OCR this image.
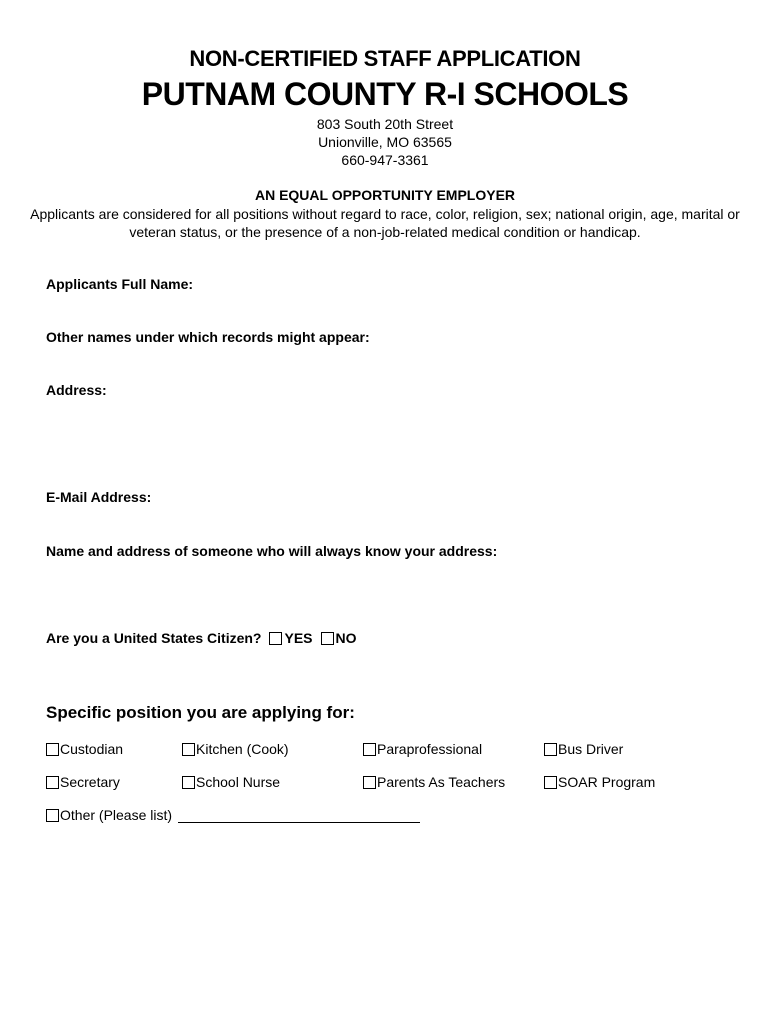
NON-CERTIFIED STAFF APPLICATION
PUTNAM COUNTY R-I SCHOOLS
803 South 20th Street
Unionville, MO 63565
660-947-3361
AN EQUAL OPPORTUNITY EMPLOYER
Applicants are considered for all positions without regard to race, color, religion, sex; national origin, age, marital or veteran status, or the presence of a non-job-related medical condition or handicap.
Applicants Full Name:
Other names under which records might appear:
Address:
E-Mail Address:
Name and address of someone who will always know your address:
Are you a United States Citizen? YES NO
Specific position you are applying for:
Custodian	Kitchen (Cook)	Paraprofessional	Bus Driver
Secretary	School Nurse	Parents As Teachers	SOAR Program
Other (Please list)
